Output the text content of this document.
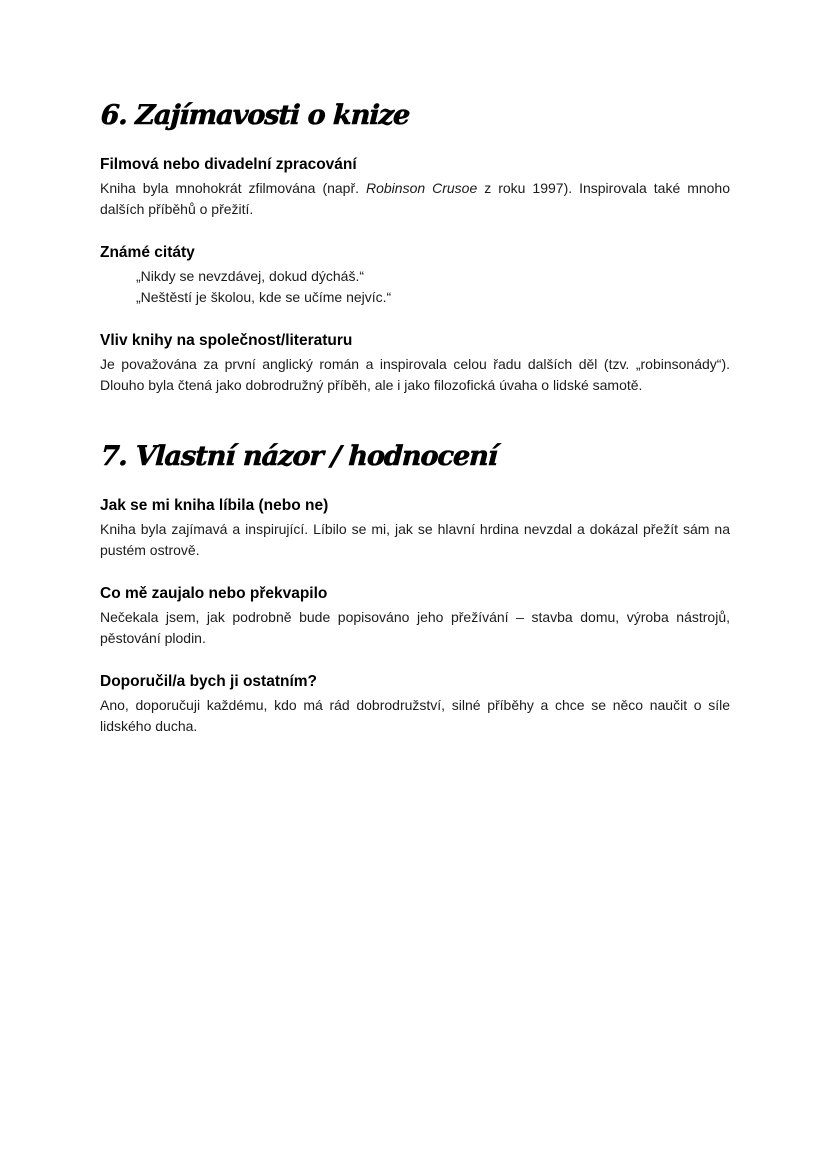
6. Zajímavosti o knize
Filmová nebo divadelní zpracování

Kniha byla mnohokrát zfilmována (např. Robinson Crusoe z roku 1997). Inspirovala také mnoho dalších příběhů o přežití.

Známé citáty

„Nikdy se nevzdávej, dokud dýcháš.“

„Neštěstí je školou, kde se učíme nejvíc.“

Vliv knihy na společnost/literaturu

Je považována za první anglický román a inspirovala celou řadu dalších děl (tzv. „robinsonády“). Dlouho byla čtená jako dobrodružný příběh, ale i jako filozofická úvaha o lidské samotě.

7. Vlastní názor / hodnocení
Jak se mi kniha líbila (nebo ne)

Kniha byla zajímavá a inspirující. Líbilo se mi, jak se hlavní hrdina nevzdal a dokázal přežít sám na pustém ostrově.

Co mě zaujalo nebo překvapilo

Nečekala jsem, jak podrobně bude popisováno jeho přežívání – stavba domu, výroba nástrojů, pěstování plodin.

Doporučil/a bych ji ostatním?

Ano, doporučuji každému, kdo má rád dobrodružství, silné příběhy a chce se něco naučit o síle lidského ducha.
